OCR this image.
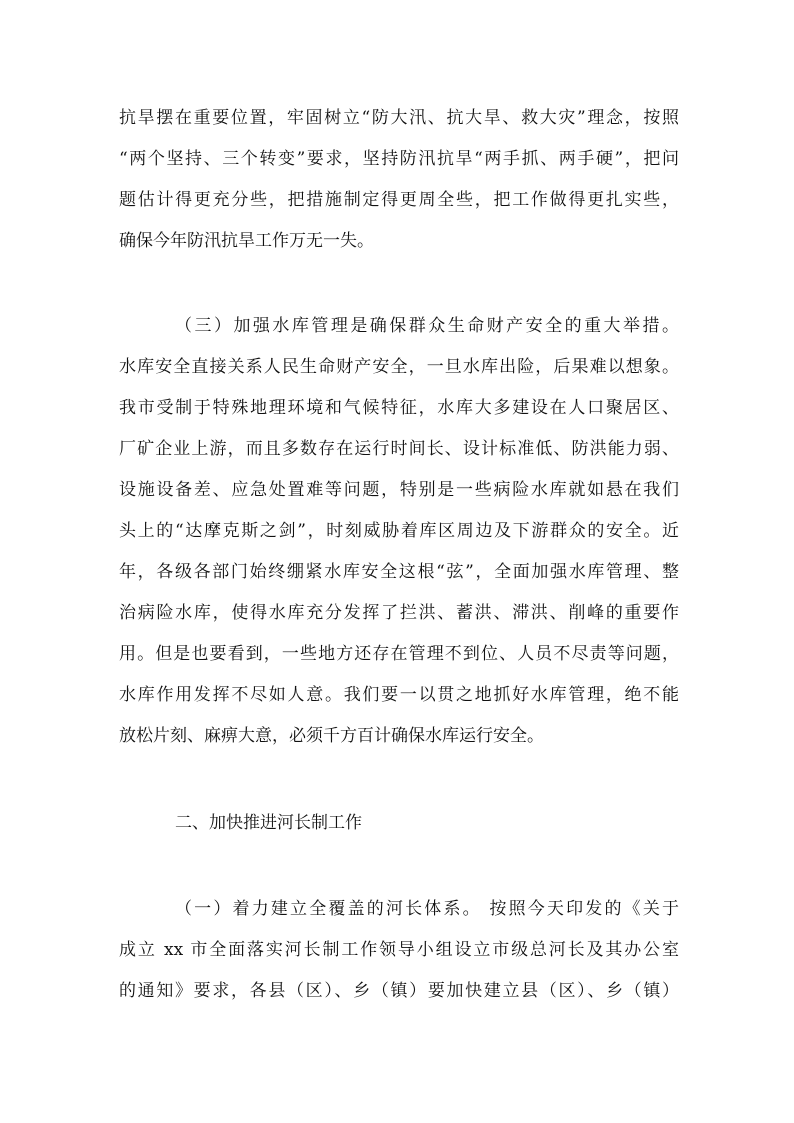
抗旱摆在重要位置，牢固树立“防大汛、抗大旱、救大灾”理念，按照
“两个坚持、三个转变”要求，坚持防汛抗旱“两手抓、两手硬”，把问
题估计得更充分些，把措施制定得更周全些，把工作做得更扎实些，
确保今年防汛抗旱工作万无一失。
（三）加强水库管理是确保群众生命财产安全的重大举措。
水库安全直接关系人民生命财产安全，一旦水库出险，后果难以想象。
我市受制于特殊地理环境和气候特征，水库大多建设在人口聚居区、
厂矿企业上游，而且多数存在运行时间长、设计标准低、防洪能力弱、
设施设备差、应急处置难等问题，特别是一些病险水库就如悬在我们
头上的“达摩克斯之剑”，时刻威胁着库区周边及下游群众的安全。近
年，各级各部门始终绷紧水库安全这根“弦”，全面加强水库管理、整
治病险水库，使得水库充分发挥了拦洪、蓄洪、滞洪、削峰的重要作
用。但是也要看到，一些地方还存在管理不到位、人员不尽责等问题，
水库作用发挥不尽如人意。我们要一以贯之地抓好水库管理，绝不能
放松片刻、麻痹大意，必须千方百计确保水库运行安全。
二、加快推进河长制工作
（一）着力建立全覆盖的河长体系。 按照今天印发的《关于
成立 xx 市全面落实河长制工作领导小组设立市级总河长及其办公室
的通知》要求，各县（区）、乡（镇）要加快建立县（区）、乡（镇）
